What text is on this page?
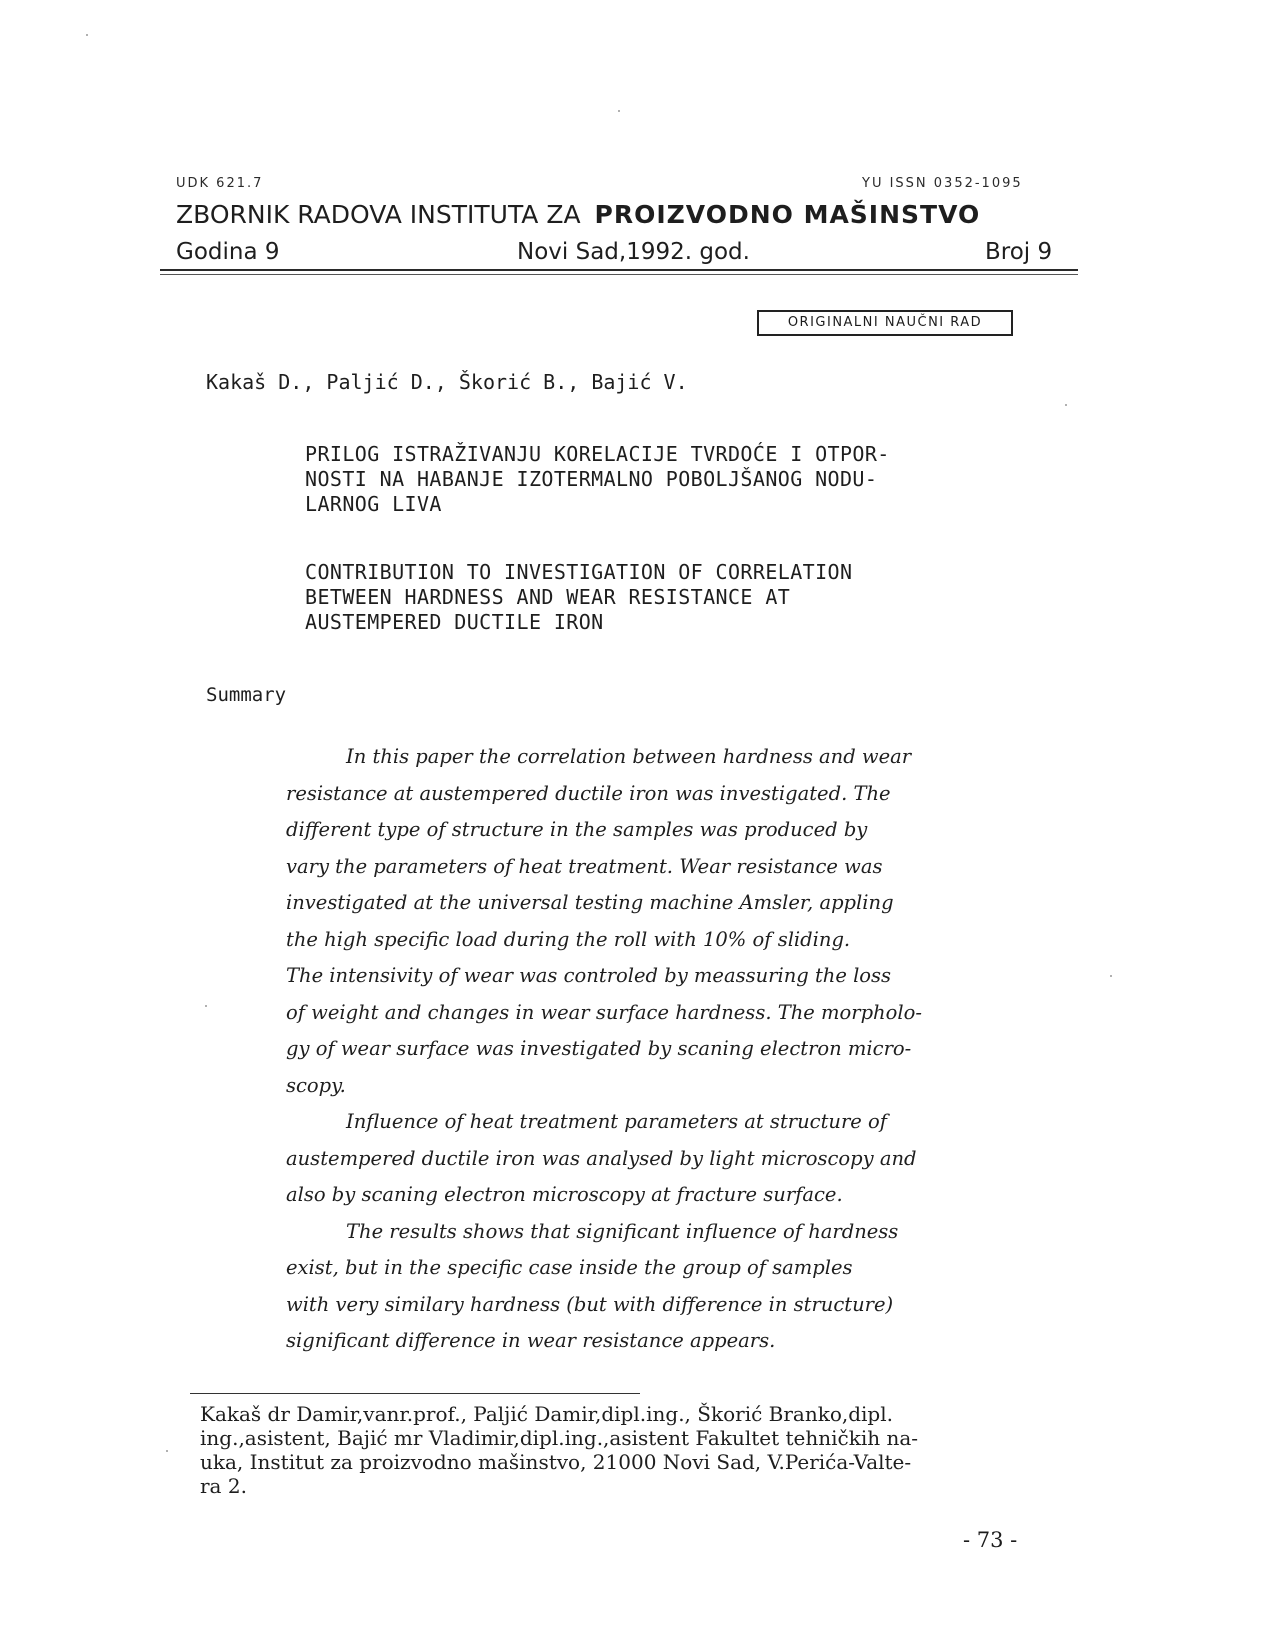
UDK 621.7	YU ISSN 0352-1095
ZBORNIK RADOVA INSTITUTA ZA PROIZVODNO MAŠINSTVO
Godina 9	Novi Sad,1992. god.	Broj 9
ORIGINALNI NAUČNI RAD
Kakaš D., Paljić D., Škorić B., Bajić V.
PRILOG ISTRAŽIVANJU KORELACIJE TVRDOĆE I OTPOR-
NOSTI NA HABANJE IZOTERMALNO POBOLJŠANOG NODU-
LARNOG LIVA
CONTRIBUTION TO INVESTIGATION OF CORRELATION
BETWEEN HARDNESS AND WEAR RESISTANCE AT
AUSTEMPERED DUCTILE IRON
Summary
In this paper the correlation between hardness and wear
resistance at austempered ductile iron was investigated. The
different type of structure in the samples was produced by
vary the parameters of heat treatment. Wear resistance was
investigated at the universal testing machine Amsler, appling
the high specific load during the roll with 10% of sliding.
The intensivity of wear was controled by meassuring the loss
of weight and changes in wear surface hardness. The morpholo-
gy of wear surface was investigated by scaning electron micro-
scopy.
Influence of heat treatment parameters at structure of
austempered ductile iron was analysed by light microscopy and
also by scaning electron microscopy at fracture surface.
The results shows that significant influence of hardness
exist, but in the specific case inside the group of samples
with very similary hardness (but with difference in structure)
significant difference in wear resistance appears.
Kakaš dr Damir,vanr.prof., Paljić Damir,dipl.ing., Škorić Branko,dipl.
ing.,asistent, Bajić mr Vladimir,dipl.ing.,asistent Fakultet tehničkih na-
uka, Institut za proizvodno mašinstvo, 21000 Novi Sad, V.Perića-Valte-
ra 2.
- 73 -
